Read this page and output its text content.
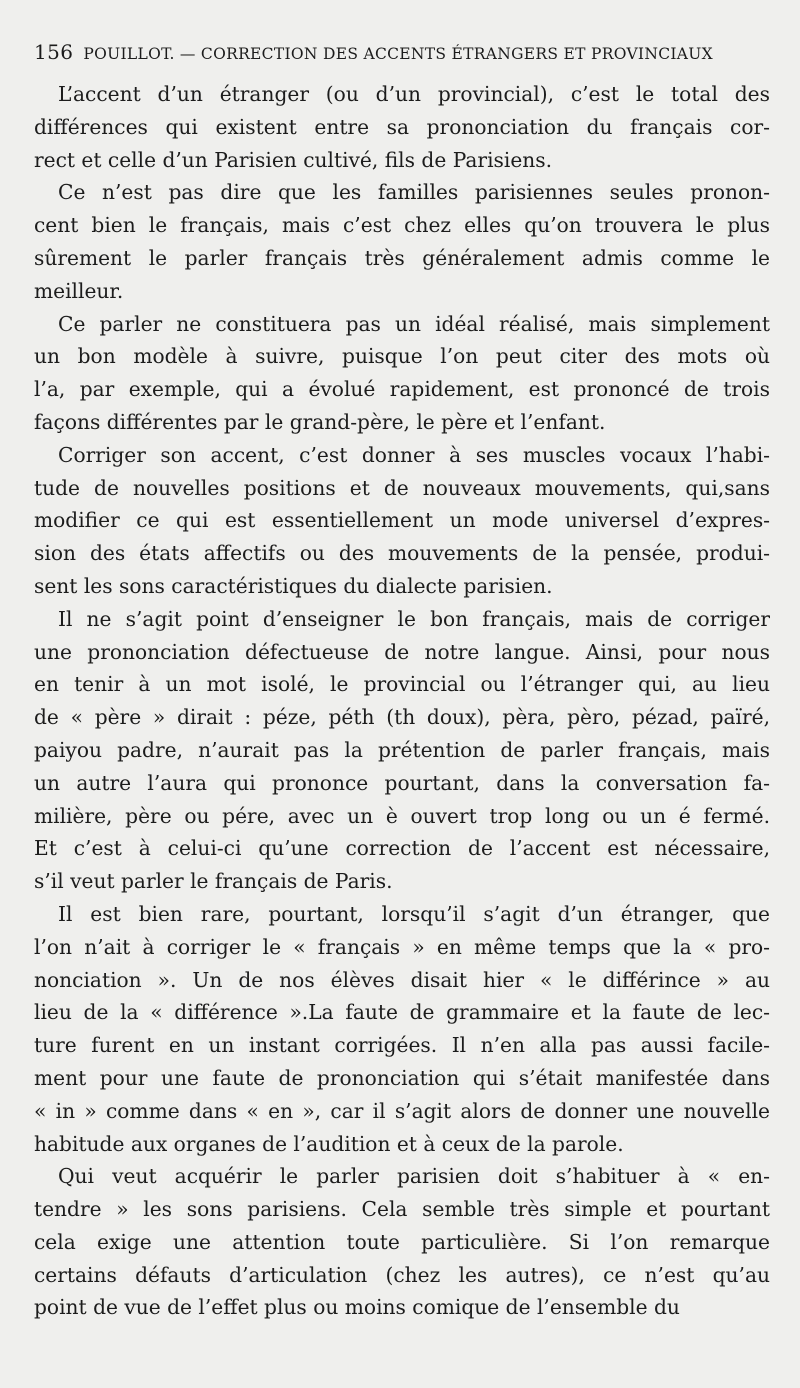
156 POUILLOT. — CORRECTION DES ACCENTS ÉTRANGERS ET PROVINCIAUX

L’accent d’un étranger (ou d’un provincial), c’est le total des
différences qui existent entre sa prononciation du français cor-
rect et celle d’un Parisien cultivé, fils de Parisiens.

Ce n’est pas dire que les familles parisiennes seules pronon-
cent bien le français, mais c’est chez elles qu’on trouvera le plus
sûrement le parler français très généralement admis comme le
meilleur.

Ce parler ne constituera pas un idéal réalisé, mais simplement
un bon modèle à suivre, puisque l’on peut citer des mots où
l’a, par exemple, qui a évolué rapidement, est prononcé de trois
façons différentes par le grand-père, le père et l’enfant.

Corriger son accent, c’est donner à ses muscles vocaux l’habi-
tude de nouvelles positions et de nouveaux mouvements, qui,sans
modifier ce qui est essentiellement un mode universel d’expres-
sion des états affectifs ou des mouvements de la pensée, produi-
sent les sons caractéristiques du dialecte parisien.

Il ne s’agit point d’enseigner le bon français, mais de corriger
une prononciation défectueuse de notre langue. Ainsi, pour nous
en tenir à un mot isolé, le provincial ou l’étranger qui, au lieu
de « père » dirait : péze, péth (th doux), pèra, pèro, pézad, païré,
paiyou padre, n’aurait pas la prétention de parler français, mais
un autre l’aura qui prononce pourtant, dans la conversation fa-
milière, père ou pére, avec un è ouvert trop long ou un é fermé.
Et c’est à celui-ci qu’une correction de l’accent est nécessaire,
s’il veut parler le français de Paris.

Il est bien rare, pourtant, lorsqu’il s’agit d’un étranger, que
l’on n’ait à corriger le « français » en même temps que la « pro-
nonciation ». Un de nos élèves disait hier « le différince » au
lieu de la « différence ».La faute de grammaire et la faute de lec-
ture furent en un instant corrigées. Il n’en alla pas aussi facile-
ment pour une faute de prononciation qui s’était manifestée dans
« in » comme dans « en », car il s’agit alors de donner une nouvelle
habitude aux organes de l’audition et à ceux de la parole.

Qui veut acquérir le parler parisien doit s’habituer à « en-
tendre » les sons parisiens. Cela semble très simple et pourtant
cela exige une attention toute particulière. Si l’on remarque
certains défauts d’articulation (chez les autres), ce n’est qu’au
point de vue de l’effet plus ou moins comique de l’ensemble du
